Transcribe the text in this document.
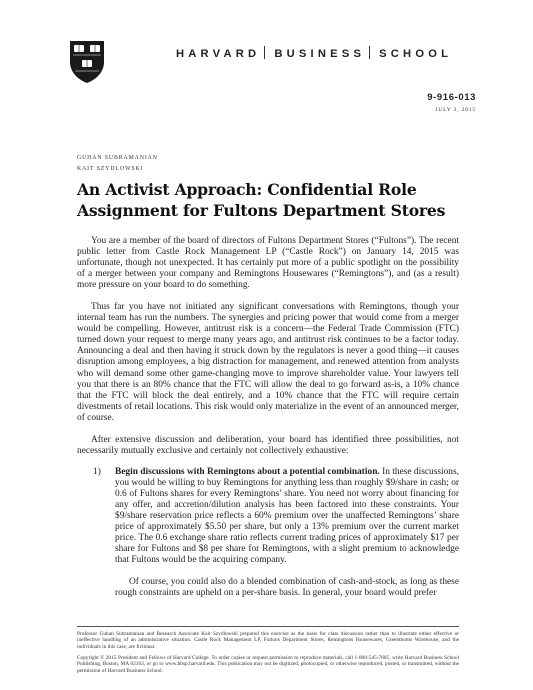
HARVARD BUSINESS SCHOOL
9-916-013
JULY 2, 2015
GUHAN SUBRAMANIAN
KAIT SZYDLOWSKI
An Activist Approach: Confidential Role
Assignment for Fultons Department Stores

You are a member of the board of directors of Fultons Department Stores (“Fultons”). The recent public letter from Castle Rock Management LP (“Castle Rock”) on January 14, 2015 was unfortunate, though not unexpected. It has certainly put more of a public spotlight on the possibility of a merger between your company and Remingtons Housewares (“Remingtons”), and (as a result) more pressure on your board to do something.

Thus far you have not initiated any significant conversations with Remingtons, though your internal team has run the numbers. The synergies and pricing power that would come from a merger would be compelling. However, antitrust risk is a concern—the Federal Trade Commission (FTC) turned down your request to merge many years ago, and antitrust risk continues to be a factor today. Announcing a deal and then having it struck down by the regulators is never a good thing—it causes disruption among employees, a big distraction for management, and renewed attention from analysts who will demand some other game-changing move to improve shareholder value. Your lawyers tell you that there is an 80% chance that the FTC will allow the deal to go forward as-is, a 10% chance that the FTC will block the deal entirely, and a 10% chance that the FTC will require certain divestments of retail locations. This risk would only materialize in the event of an announced merger, of course.

After extensive discussion and deliberation, your board has identified three possibilities, not necessarily mutually exclusive and certainly not collectively exhaustive:

1)	Begin discussions with Remingtons about a potential combination. In these discussions, you would be willing to buy Remingtons for anything less than roughly $9/share in cash; or 0.6 of Fultons shares for every Remingtons’ share. You need not worry about financing for any offer, and accretion/dilution analysis has been factored into these constraints. Your $9/share reservation price reflects a 60% premium over the unaffected Remingtons’ share price of approximately $5.50 per share, but only a 13% premium over the current market price. The 0.6 exchange share ratio reflects current trading prices of approximately $17 per share for Fultons and $8 per share for Remingtons, with a slight premium to acknowledge that Fultons would be the acquiring company.

Of course, you could also do a blended combination of cash-and-stock, as long as these rough constraints are upheld on a per-share basis. In general, your board would prefer

Professor Guhan Subramanian and Research Associate Kait Szydlowski prepared this exercise as the basis for class discussion rather than to illustrate either effective or ineffective handling of an administrative situation. Castle Rock Management LP, Fultons Department Stores, Remingtons Housewares, Greenthoms Warehouse, and the individuals in this case, are fictional.

Copyright © 2015 President and Fellows of Harvard College. To order copies or request permission to reproduce materials, call 1-800-545-7685, write Harvard Business School Publishing, Boston, MA 02163, or go to www.hbsp.harvard.edu. This publication may not be digitized, photocopied, or otherwise reproduced, posted, or transmitted, without the permission of Harvard Business School.
